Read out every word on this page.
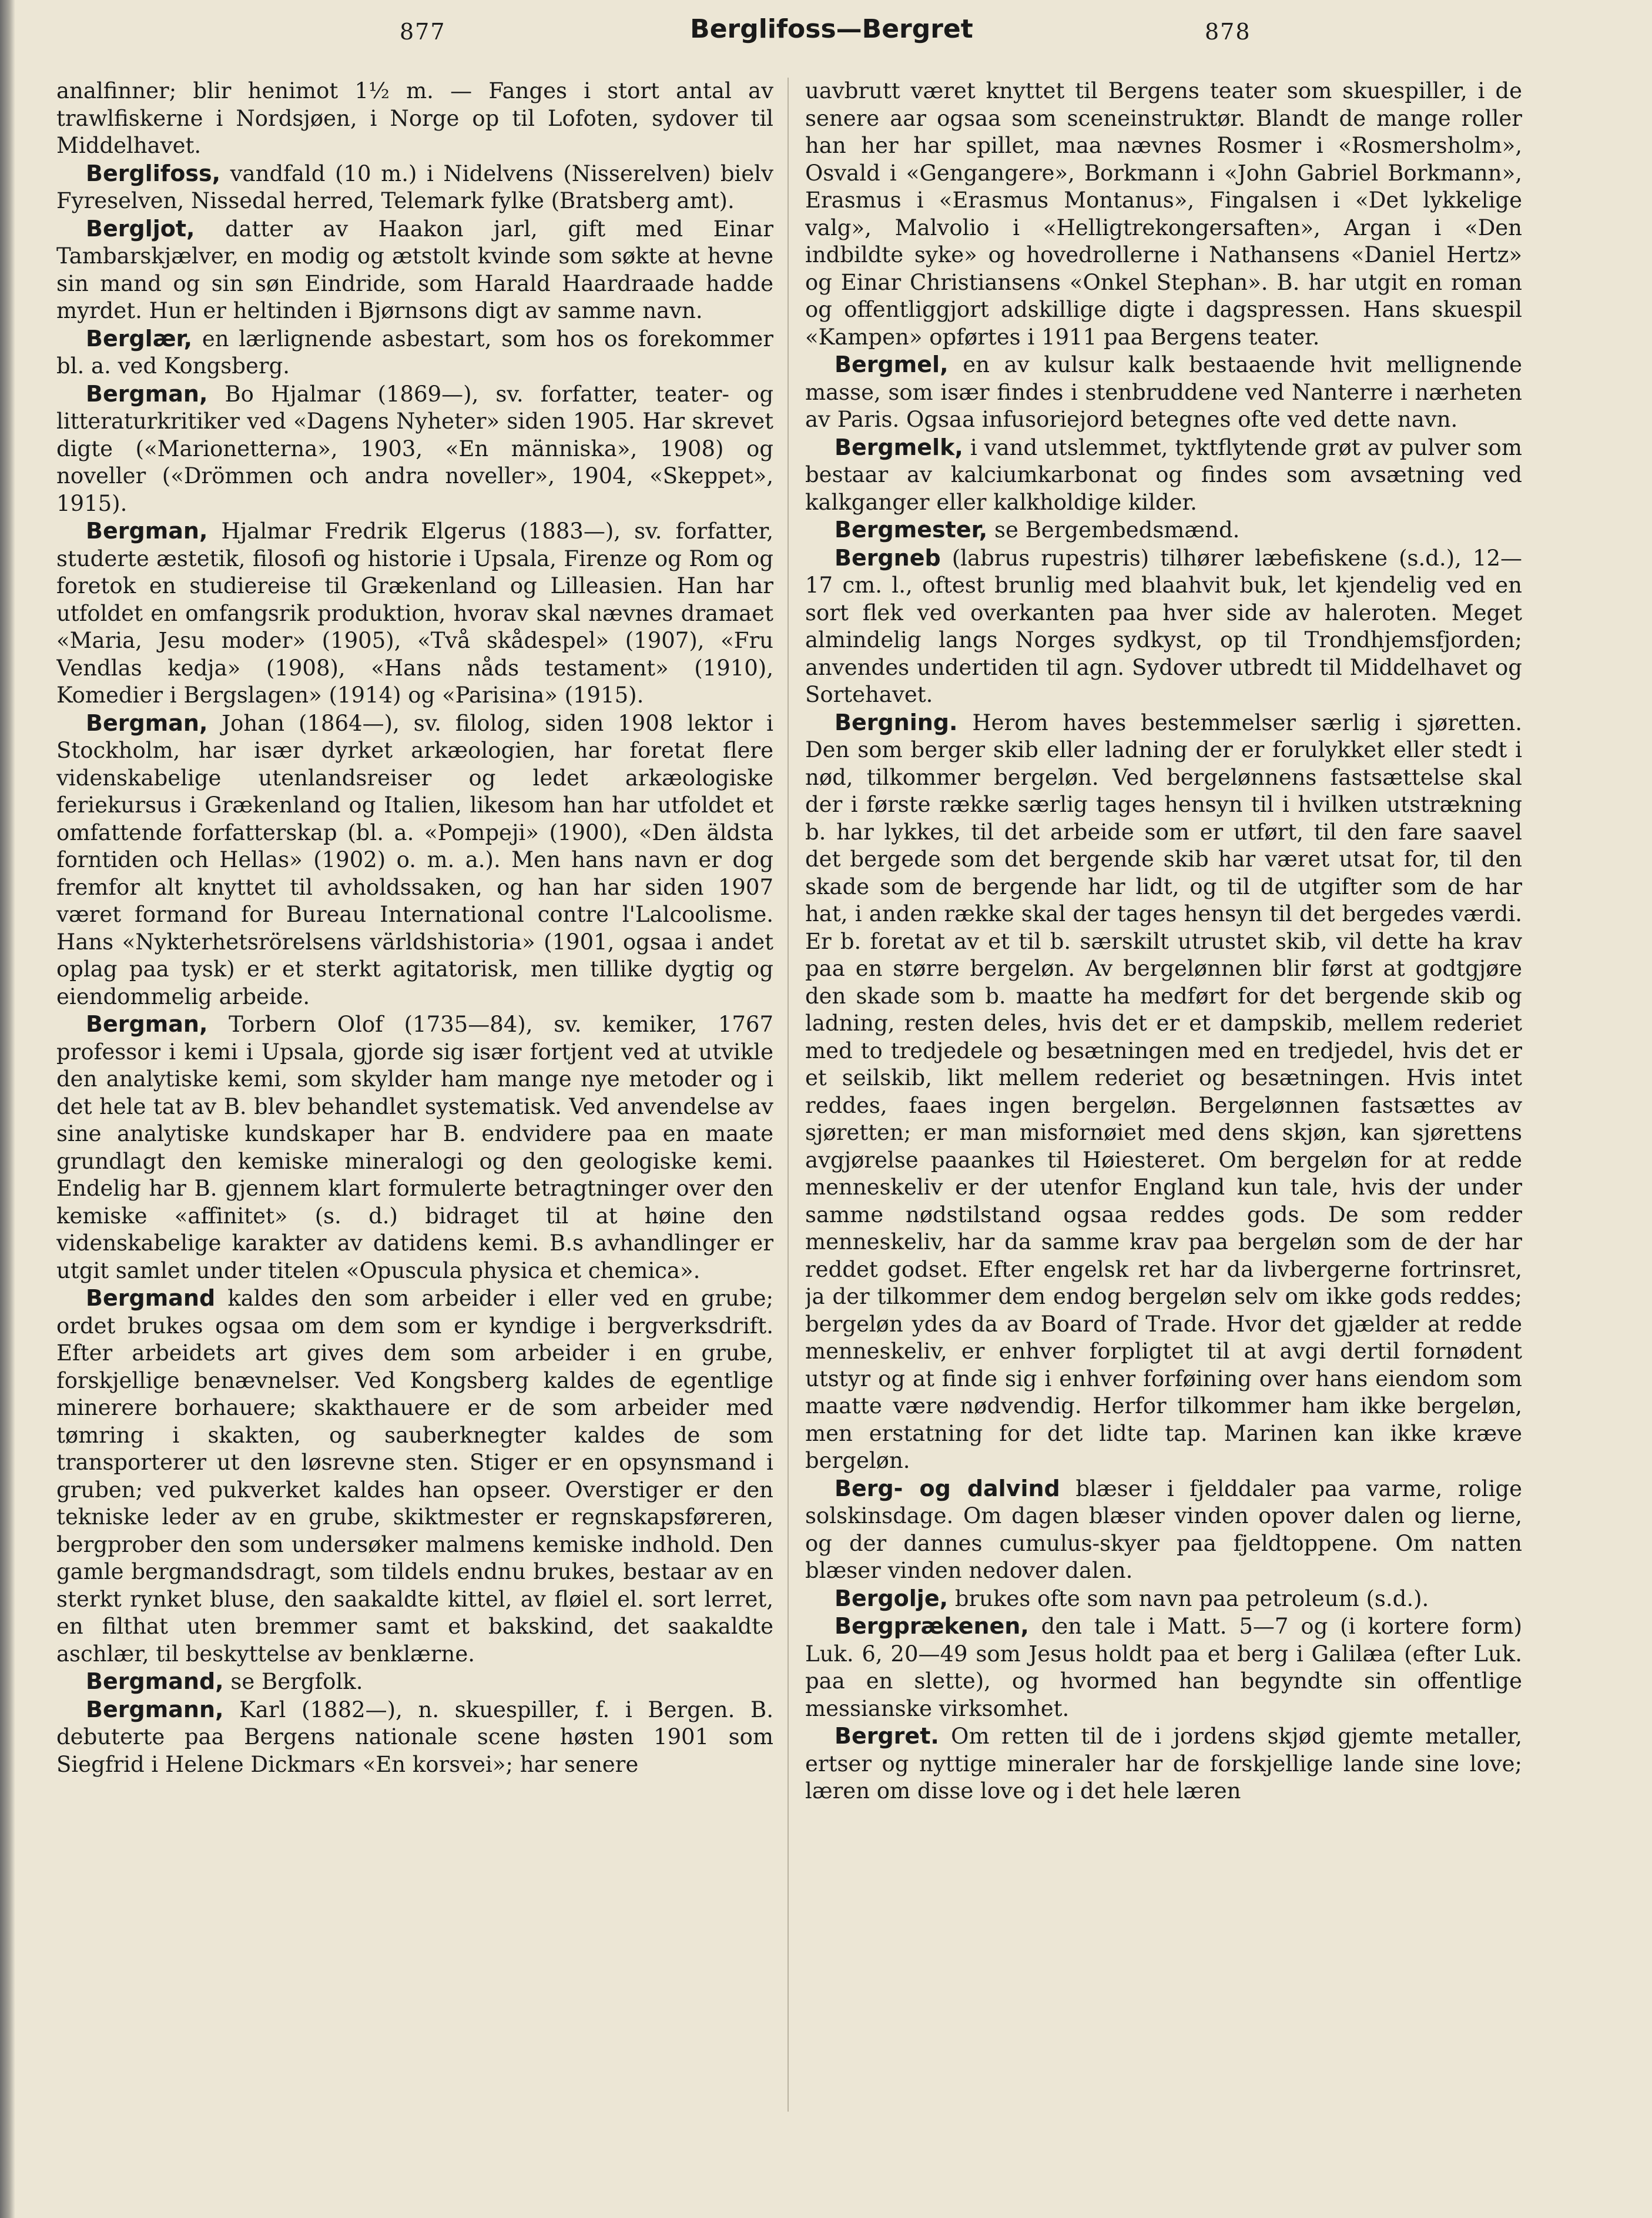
877	Berglifoss—Bergret	878

analfinner; blir henimot 1½ m. — Fanges i stort antal av trawlfiskerne i Nordsjøen, i Norge op til Lofoten, sydover til Middelhavet.

Berglifoss, vandfald (10 m.) i Nidelvens (Nisserelven) bielv Fyreselven, Nissedal herred, Telemark fylke (Bratsberg amt).

Bergljot, datter av Haakon jarl, gift med Einar Tambarskjælver, en modig og ætstolt kvinde som søkte at hevne sin mand og sin søn Eindride, som Harald Haardraade hadde myrdet. Hun er heltinden i Bjørnsons digt av samme navn.

Berglær, en lærlignende asbestart, som hos os forekommer bl. a. ved Kongsberg.

Bergman, Bo Hjalmar (1869—), sv. forfatter, teater- og litteraturkritiker ved «Dagens Nyheter» siden 1905. Har skrevet digte («Marionetterna», 1903, «En människa», 1908) og noveller («Drömmen och andra noveller», 1904, «Skeppet», 1915).

Bergman, Hjalmar Fredrik Elgerus (1883—), sv. forfatter, studerte æstetik, filosofi og historie i Upsala, Firenze og Rom og foretok en studiereise til Grækenland og Lilleasien. Han har utfoldet en omfangsrik produktion, hvorav skal nævnes dramaet «Maria, Jesu moder» (1905), «Två skådespel» (1907), «Fru Vendlas kedja» (1908), «Hans nåds testament» (1910), Komedier i Bergslagen» (1914) og «Parisina» (1915).

Bergman, Johan (1864—), sv. filolog, siden 1908 lektor i Stockholm, har især dyrket arkæologien, har foretat flere videnskabelige utenlandsreiser og ledet arkæologiske feriekursus i Grækenland og Italien, likesom han har utfoldet et omfattende forfatterskap (bl. a. «Pompeji» (1900), «Den äldsta forntiden och Hellas» (1902) o. m. a.). Men hans navn er dog fremfor alt knyttet til avholdssaken, og han har siden 1907 været formand for Bureau International contre l'Lalcoolisme. Hans «Nykterhetsrörelsens världshistoria» (1901, ogsaa i andet oplag paa tysk) er et sterkt agitatorisk, men tillike dygtig og eiendommelig arbeide.

Bergman, Torbern Olof (1735—84), sv. kemiker, 1767 professor i kemi i Upsala, gjorde sig især fortjent ved at utvikle den analytiske kemi, som skylder ham mange nye metoder og i det hele tat av B. blev behandlet systematisk. Ved anvendelse av sine analytiske kundskaper har B. endvidere paa en maate grundlagt den kemiske mineralogi og den geologiske kemi. Endelig har B. gjennem klart formulerte betragtninger over den kemiske «affinitet» (s. d.) bidraget til at høine den videnskabelige karakter av datidens kemi. B.s avhandlinger er utgit samlet under titelen «Opuscula physica et chemica».

Bergmand kaldes den som arbeider i eller ved en grube; ordet brukes ogsaa om dem som er kyndige i bergverksdrift. Efter arbeidets art gives dem som arbeider i en grube, forskjellige benævnelser. Ved Kongsberg kaldes de egentlige minerere borhauere; skakthauere er de som arbeider med tømring i skakten, og sauberknegter kaldes de som transporterer ut den løsrevne sten. Stiger er en opsynsmand i gruben; ved pukverket kaldes han opseer. Overstiger er den tekniske leder av en grube, skiktmester er regnskapsføreren, bergprober den som undersøker malmens kemiske indhold. Den gamle bergmandsdragt, som tildels endnu brukes, bestaar av en sterkt rynket bluse, den saakaldte kittel, av fløiel el. sort lerret, en filthat uten bremmer samt et bakskind, det saakaldte aschlær, til beskyttelse av benklærne.

Bergmand, se Bergfolk.

Bergmann, Karl (1882—), n. skuespiller, f. i Bergen. B. debuterte paa Bergens nationale scene høsten 1901 som Siegfrid i Helene Dickmars «En korsvei»; har senere

uavbrutt været knyttet til Bergens teater som skuespiller, i de senere aar ogsaa som sceneinstruktør. Blandt de mange roller han her har spillet, maa nævnes Rosmer i «Rosmersholm», Osvald i «Gengangere», Borkmann i «John Gabriel Borkmann», Erasmus i «Erasmus Montanus», Fingalsen i «Det lykkelige valg», Malvolio i «Helligtrekongersaften», Argan i «Den indbildte syke» og hovedrollerne i Nathansens «Daniel Hertz» og Einar Christiansens «Onkel Stephan». B. har utgit en roman og offentliggjort adskillige digte i dagspressen. Hans skuespil «Kampen» opførtes i 1911 paa Bergens teater.

Bergmel, en av kulsur kalk bestaaende hvit mellignende masse, som især findes i stenbruddene ved Nanterre i nærheten av Paris. Ogsaa infusoriejord betegnes ofte ved dette navn.

Bergmelk, i vand utslemmet, tyktflytende grøt av pulver som bestaar av kalciumkarbonat og findes som avsætning ved kalkganger eller kalkholdige kilder.

Bergmester, se Bergembedsmænd.

Bergneb (labrus rupestris) tilhører læbefiskene (s.d.), 12—17 cm. l., oftest brunlig med blaahvit buk, let kjendelig ved en sort flek ved overkanten paa hver side av haleroten. Meget almindelig langs Norges sydkyst, op til Trondhjemsfjorden; anvendes undertiden til agn. Sydover utbredt til Middelhavet og Sortehavet.

Bergning. Herom haves bestemmelser særlig i sjøretten. Den som berger skib eller ladning der er forulykket eller stedt i nød, tilkommer bergeløn. Ved bergelønnens fastsættelse skal der i første række særlig tages hensyn til i hvilken utstrækning b. har lykkes, til det arbeide som er utført, til den fare saavel det bergede som det bergende skib har været utsat for, til den skade som de bergende har lidt, og til de utgifter som de har hat, i anden række skal der tages hensyn til det bergedes værdi. Er b. foretat av et til b. særskilt utrustet skib, vil dette ha krav paa en større bergeløn. Av bergelønnen blir først at godtgjøre den skade som b. maatte ha medført for det bergende skib og ladning, resten deles, hvis det er et dampskib, mellem rederiet med to tredjedele og besætningen med en tredjedel, hvis det er et seilskib, likt mellem rederiet og besætningen. Hvis intet reddes, faaes ingen bergeløn. Bergelønnen fastsættes av sjøretten; er man misfornøiet med dens skjøn, kan sjørettens avgjørelse paaankes til Høiesteret. Om bergeløn for at redde menneskeliv er der utenfor England kun tale, hvis der under samme nødstilstand ogsaa reddes gods. De som redder menneskeliv, har da samme krav paa bergeløn som de der har reddet godset. Efter engelsk ret har da livbergerne fortrinsret, ja der tilkommer dem endog bergeløn selv om ikke gods reddes; bergeløn ydes da av Board of Trade. Hvor det gjælder at redde menneskeliv, er enhver forpligtet til at avgi dertil fornødent utstyr og at finde sig i enhver forføining over hans eiendom som maatte være nødvendig. Herfor tilkommer ham ikke bergeløn, men erstatning for det lidte tap. Marinen kan ikke kræve bergeløn.

Berg- og dalvind blæser i fjelddaler paa varme, rolige solskinsdage. Om dagen blæser vinden opover dalen og lierne, og der dannes cumulus-skyer paa fjeldtoppene. Om natten blæser vinden nedover dalen.

Bergolje, brukes ofte som navn paa petroleum (s.d.).

Bergprækenen, den tale i Matt. 5—7 og (i kortere form) Luk. 6, 20—49 som Jesus holdt paa et berg i Galilæa (efter Luk. paa en slette), og hvormed han begyndte sin offentlige messianske virksomhet.

Bergret. Om retten til de i jordens skjød gjemte metaller, ertser og nyttige mineraler har de forskjellige lande sine love; læren om disse love og i det hele læren
